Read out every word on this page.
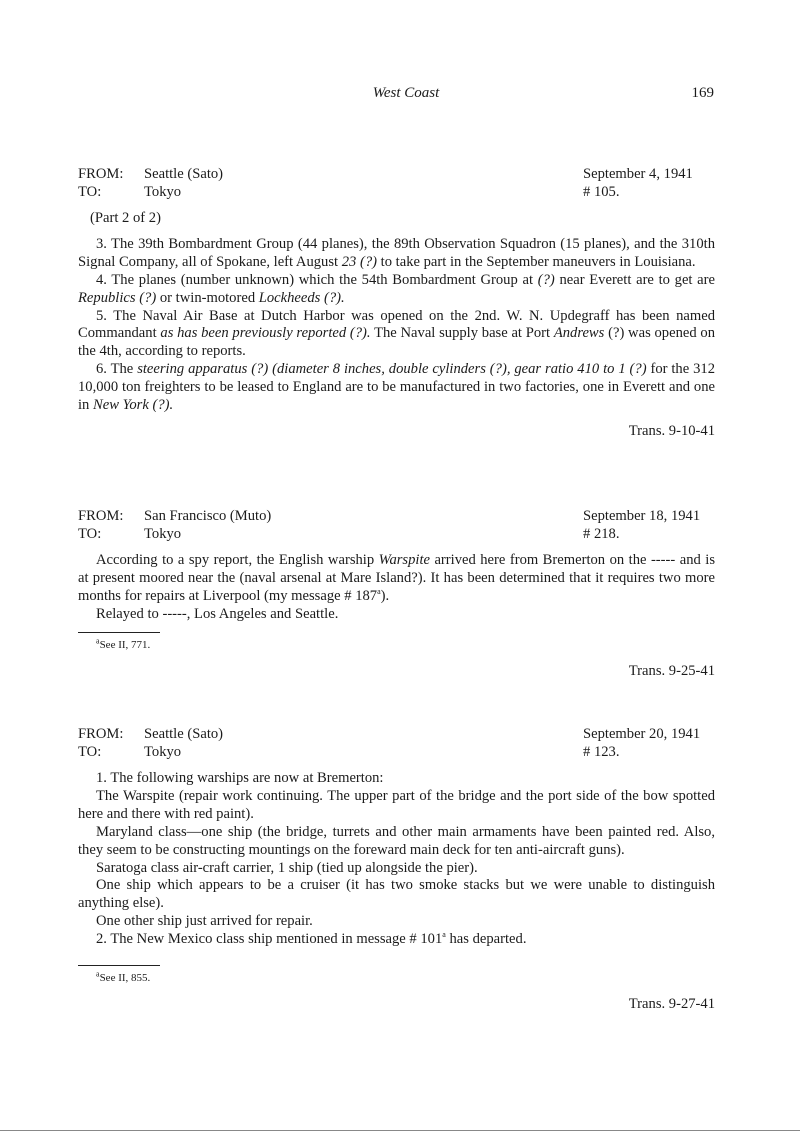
West Coast	169
FROM:	Seattle (Sato)	September 4, 1941
TO:	Tokyo	# 105.

(Part 2 of 2)

3. The 39th Bombardment Group (44 planes), the 89th Observation Squadron (15 planes), and the 310th Signal Company, all of Spokane, left August 23 (?) to take part in the September maneuvers in Louisiana.

4. The planes (number unknown) which the 54th Bombardment Group at (?) near Everett are to get are Republics (?) or twin-motored Lockheeds (?).

5. The Naval Air Base at Dutch Harbor was opened on the 2nd. W. N. Updegraff has been named Commandant as has been previously reported (?). The Naval supply base at Port Andrews (?) was opened on the 4th, according to reports.

6. The steering apparatus (?) (diameter 8 inches, double cylinders (?), gear ratio 410 to 1 (?) for the 312 10,000 ton freighters to be leased to England are to be manufactured in two factories, one in Everett and one in New York (?).

Trans. 9-10-41
FROM:	San Francisco (Muto)	September 18, 1941
TO:	Tokyo	# 218.

According to a spy report, the English warship Warspite arrived here from Bremerton on the ----- and is at present moored near the (naval arsenal at Mare Island?). It has been determined that it requires two more months for repairs at Liverpool (my message # 187$^a$).

Relayed to -----, Los Angeles and Seattle.

$^a$See II, 771.
Trans. 9-25-41
FROM:	Seattle (Sato)	September 20, 1941
TO:	Tokyo	# 123.

1. The following warships are now at Bremerton:

The Warspite (repair work continuing. The upper part of the bridge and the port side of the bow spotted here and there with red paint).

Maryland class—one ship (the bridge, turrets and other main armaments have been painted red. Also, they seem to be constructing mountings on the foreward main deck for ten anti-aircraft guns).

Saratoga class air-craft carrier, 1 ship (tied up alongside the pier).

One ship which appears to be a cruiser (it has two smoke stacks but we were unable to distinguish anything else).

One other ship just arrived for repair.

2. The New Mexico class ship mentioned in message # 101$^a$ has departed.

$^a$See II, 855.
Trans. 9-27-41
